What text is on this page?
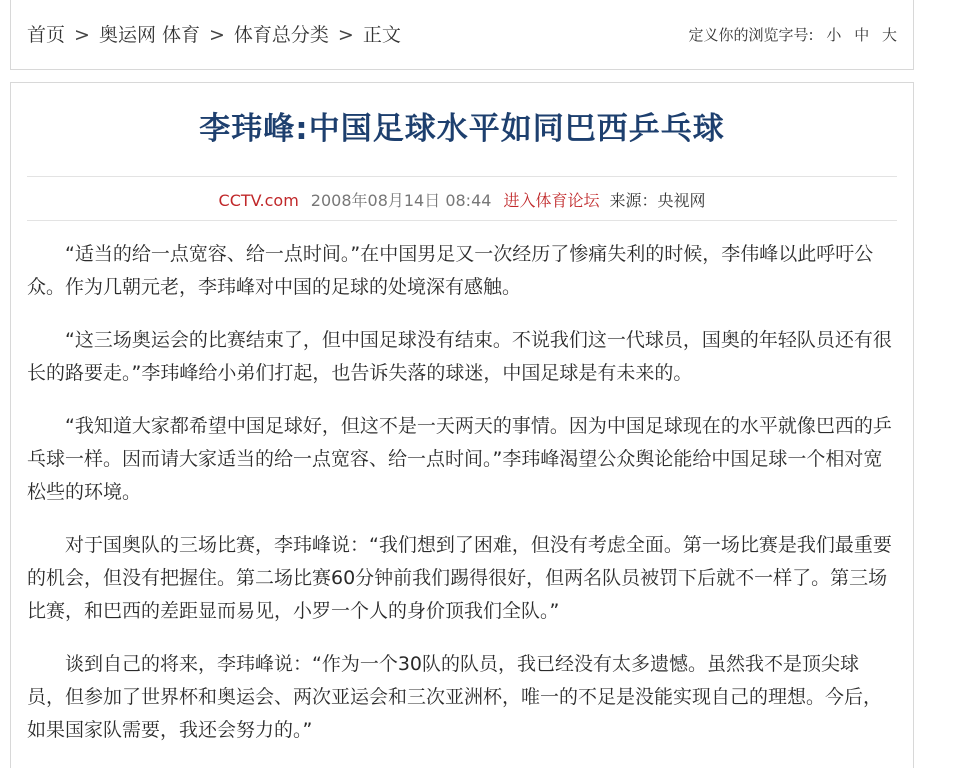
首页 > 奥运网 体育 > 体育总分类 > 正文	定义你的浏览字号: 小 中 大
李玮峰:中国足球水平如同巴西乒乓球
CCTV.com 2008年08月14日 08:44 进入体育论坛 来源：央视网

“适当的给一点宽容、给一点时间。”在中国男足又一次经历了惨痛失利的时候，李伟峰以此呼吁公众。作为几朝元老，李玮峰对中国的足球的处境深有感触。

“这三场奥运会的比赛结束了，但中国足球没有结束。不说我们这一代球员，国奥的年轻队员还有很长的路要走。”李玮峰给小弟们打起，也告诉失落的球迷，中国足球是有未来的。

“我知道大家都希望中国足球好，但这不是一天两天的事情。因为中国足球现在的水平就像巴西的乒乓球一样。因而请大家适当的给一点宽容、给一点时间。”李玮峰渴望公众舆论能给中国足球一个相对宽松些的环境。

对于国奥队的三场比赛，李玮峰说：“我们想到了困难，但没有考虑全面。第一场比赛是我们最重要的机会，但没有把握住。第二场比赛60分钟前我们踢得很好，但两名队员被罚下后就不一样了。第三场比赛，和巴西的差距显而易见，小罗一个人的身价顶我们全队。”

谈到自己的将来，李玮峰说：“作为一个30队的队员，我已经没有太多遗憾。虽然我不是顶尖球员，但参加了世界杯和奥运会、两次亚运会和三次亚洲杯，唯一的不足是没能实现自己的理想。今后，如果国家队需要，我还会努力的。”
